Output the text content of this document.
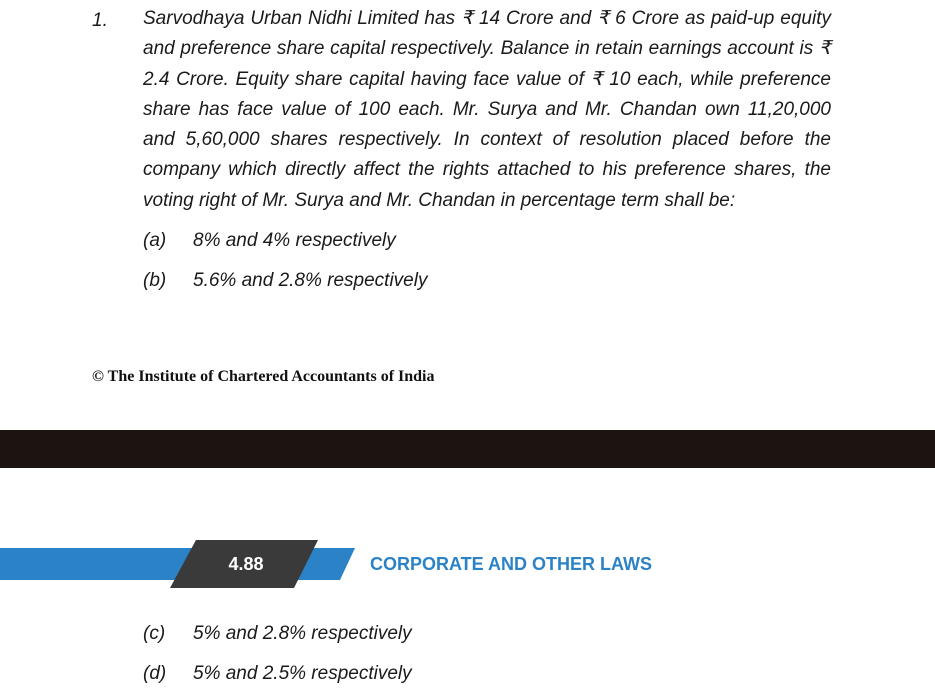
1. Sarvodhaya Urban Nidhi Limited has ₹ 14 Crore and ₹ 6 Crore as paid-up equity and preference share capital respectively. Balance in retain earnings account is ₹ 2.4 Crore. Equity share capital having face value of ₹ 10 each, while preference share has face value of 100 each. Mr. Surya and Mr. Chandan own 11,20,000 and 5,60,000 shares respectively. In context of resolution placed before the company which directly affect the rights attached to his preference shares, the voting right of Mr. Surya and Mr. Chandan in percentage term shall be:

(a) 8% and 4% respectively
(b) 5.6% and 2.8% respectively
© The Institute of Chartered Accountants of India
4.88	CORPORATE AND OTHER LAWS
(c) 5% and 2.8% respectively
(d) 5% and 2.5% respectively
